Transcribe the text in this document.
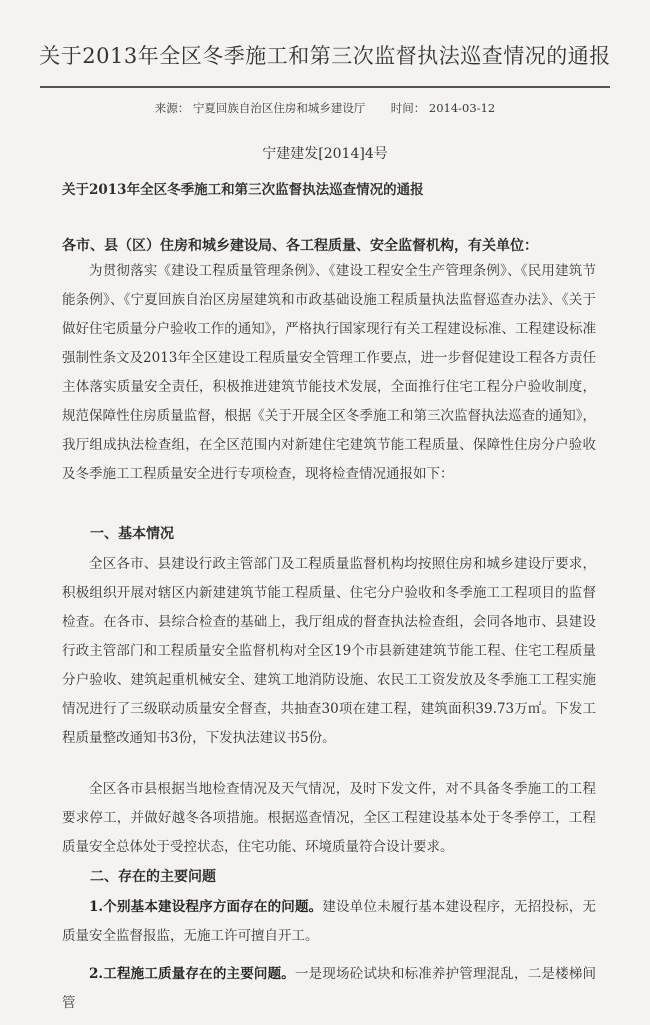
关于2013年全区冬季施工和第三次监督执法巡查情况的通报
来源： 宁夏回族自治区住房和城乡建设厅 时间： 2014-03-12
宁建建发[2014]4号
关于2013年全区冬季施工和第三次监督执法巡查情况的通报
各市、县（区）住房和城乡建设局、各工程质量、安全监督机构，有关单位：

为贯彻落实《建设工程质量管理条例》、《建设工程安全生产管理条例》、《民用建筑节能条例》、《宁夏回族自治区房屋建筑和市政基础设施工程质量执法监督巡查办法》、《关于做好住宅质量分户验收工作的通知》，严格执行国家现行有关工程建设标准、工程建设标准强制性条文及2013年全区建设工程质量安全管理工作要点，进一步督促建设工程各方责任主体落实质量安全责任，积极推进建筑节能技术发展，全面推行住宅工程分户验收制度，规范保障性住房质量监督，根据《关于开展全区冬季施工和第三次监督执法巡查的通知》，我厅组成执法检查组，在全区范围内对新建住宅建筑节能工程质量、保障性住房分户验收及冬季施工工程质量安全进行专项检查，现将检查情况通报如下：

一、基本情况

全区各市、县建设行政主管部门及工程质量监督机构均按照住房和城乡建设厅要求，积极组织开展对辖区内新建建筑节能工程质量、住宅分户验收和冬季施工工程项目的监督检查。在各市、县综合检查的基础上，我厅组成的督查执法检查组，会同各地市、县建设行政主管部门和工程质量安全监督机构对全区19个市县新建建筑节能工程、住宅工程质量分户验收、建筑起重机械安全、建筑工地消防设施、农民工工资发放及冬季施工工程实施情况进行了三级联动质量安全督查，共抽查30项在建工程，建筑面积39.73万㎡。下发工程质量整改通知书3份，下发执法建议书5份。

全区各市县根据当地检查情况及天气情况，及时下发文件，对不具备冬季施工的工程要求停工，并做好越冬各项措施。根据巡查情况，全区工程建设基本处于冬季停工，工程质量安全总体处于受控状态，住宅功能、环境质量符合设计要求。

二、存在的主要问题

1.个别基本建设程序方面存在的问题。建设单位未履行基本建设程序，无招投标，无质量安全监督报监，无施工许可擅自开工。

2.工程施工质量存在的主要问题。一是现场砼试块和标准养护管理混乱，二是楼梯间管
